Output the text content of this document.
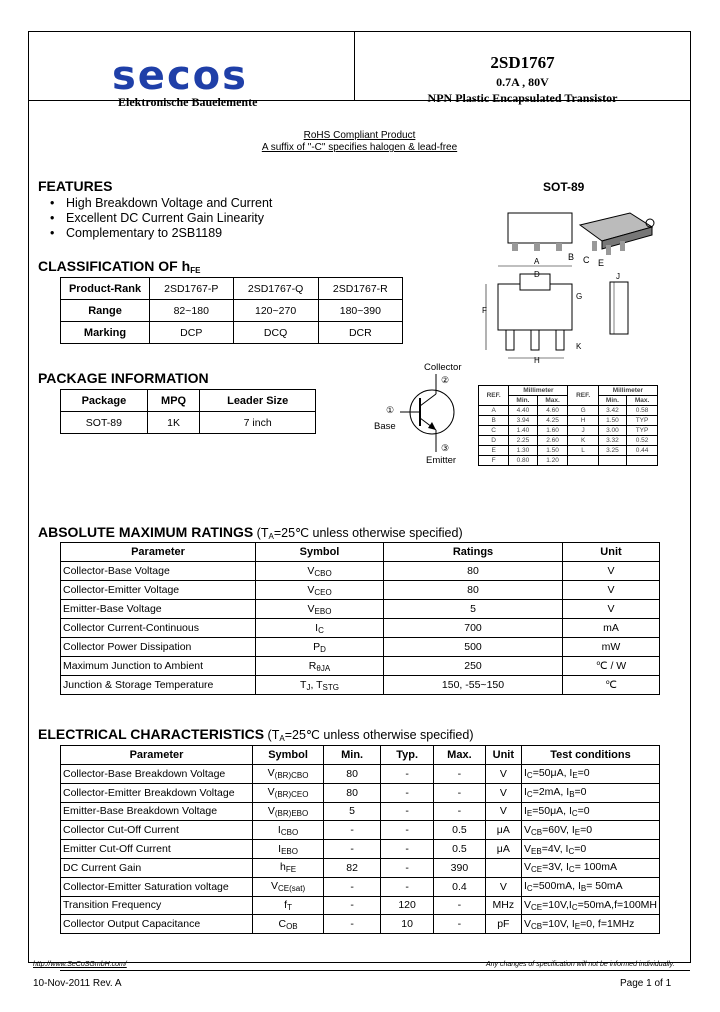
secos
Elektronische Bauelemente
2SD1767
0.7A , 80V
NPN Plastic Encapsulated Transistor
RoHS Compliant Product
A suffix of "-C" specifies halogen & lead-free
FEATURES
• High Breakdown Voltage and Current
• Excellent DC Current Gain Linearity
• Complementary to 2SB1189
SOT-89
B C E
A
D
F
G
H
J
K
CLASSIFICATION OF $h_{FE}$
Product-Rank	2SD1767-P	2SD1767-Q	2SD1767-R
Range	82~180	120~270	180~390
Marking	DCP	DCQ	DCR
PACKAGE INFORMATION
Package	MPQ	Leader Size
SOT-89	1K	7 inch
Collector
②
①
Base
③
Emitter
REF.	Millimeter		REF.	Millimeter	
	Min.	Max.		Min.	Max.
A	4.40	4.60	G	3.42	0.58
B	3.94	4.25	H	1.50	TYP
C	1.40	1.60	J	3.00	TYP
D	2.25	2.60	K	3.32	0.52
E	1.30	1.50	L	3.25	0.44
F	0.80	1.20			
ABSOLUTE MAXIMUM RATINGS ($T_A=25℃$ unless otherwise specified)
Parameter	Symbol	Ratings	Unit
Collector-Base Voltage	$V_{CBO}$	80	V
Collector-Emitter Voltage	$V_{CEO}$	80	V
Emitter-Base Voltage	$V_{EBO}$	5	V
Collector Current-Continuous	$I_C$	700	mA
Collector Power Dissipation	$P_D$	500	mW
Maximum Junction to Ambient	$R_{\theta JA}$	250	℃ / W
Junction & Storage Temperature	$T_J$, $T_{STG}$	150, -55~150	℃
ELECTRICAL CHARACTERISTICS ($T_A=25℃$ unless otherwise specified)
Parameter	Symbol	Min.	Typ.	Max.	Unit	Test conditions
Collector-Base Breakdown Voltage	$V_{(BR)CBO}$	80	-	-	V	$I_C=50\mu A$, $I_E=0$
Collector-Emitter Breakdown Voltage	$V_{(BR)CEO}$	80	-	-	V	$I_C=2mA$, $I_B=0$
Emitter-Base Breakdown Voltage	$V_{(BR)EBO}$	5	-	-	V	$I_E=50\mu A$, $I_C=0$
Collector Cut-Off Current	$I_{CBO}$	-	-	0.5	μA	$V_{CB}=60V$, $I_E=0$
Emitter Cut-Off Current	$I_{EBO}$	-	-	0.5	μA	$V_{EB}=4V$, $I_C=0$
DC Current Gain	$h_{FE}$	82	-	390		$V_{CE}=3V$, $I_C= 100mA$
Collector-Emitter Saturation voltage	$V_{CE(sat)}$	-	-	0.4	V	$I_C=500mA$, $I_B= 50mA$
Transition Frequency	$f_T$	-	120	-	MHz	$V_{CE}=10V,I_C=50mA,f=100MH$
Collector Output Capacitance	$C_{OB}$	-	10	-	pF	$V_{CB}=10V$, $I_E=0$, f=1MHz
http://www.SeCoSGmbH.com/	Any changes of specification will not be informed individually.
10-Nov-2011 Rev. A	Page 1 of 1
